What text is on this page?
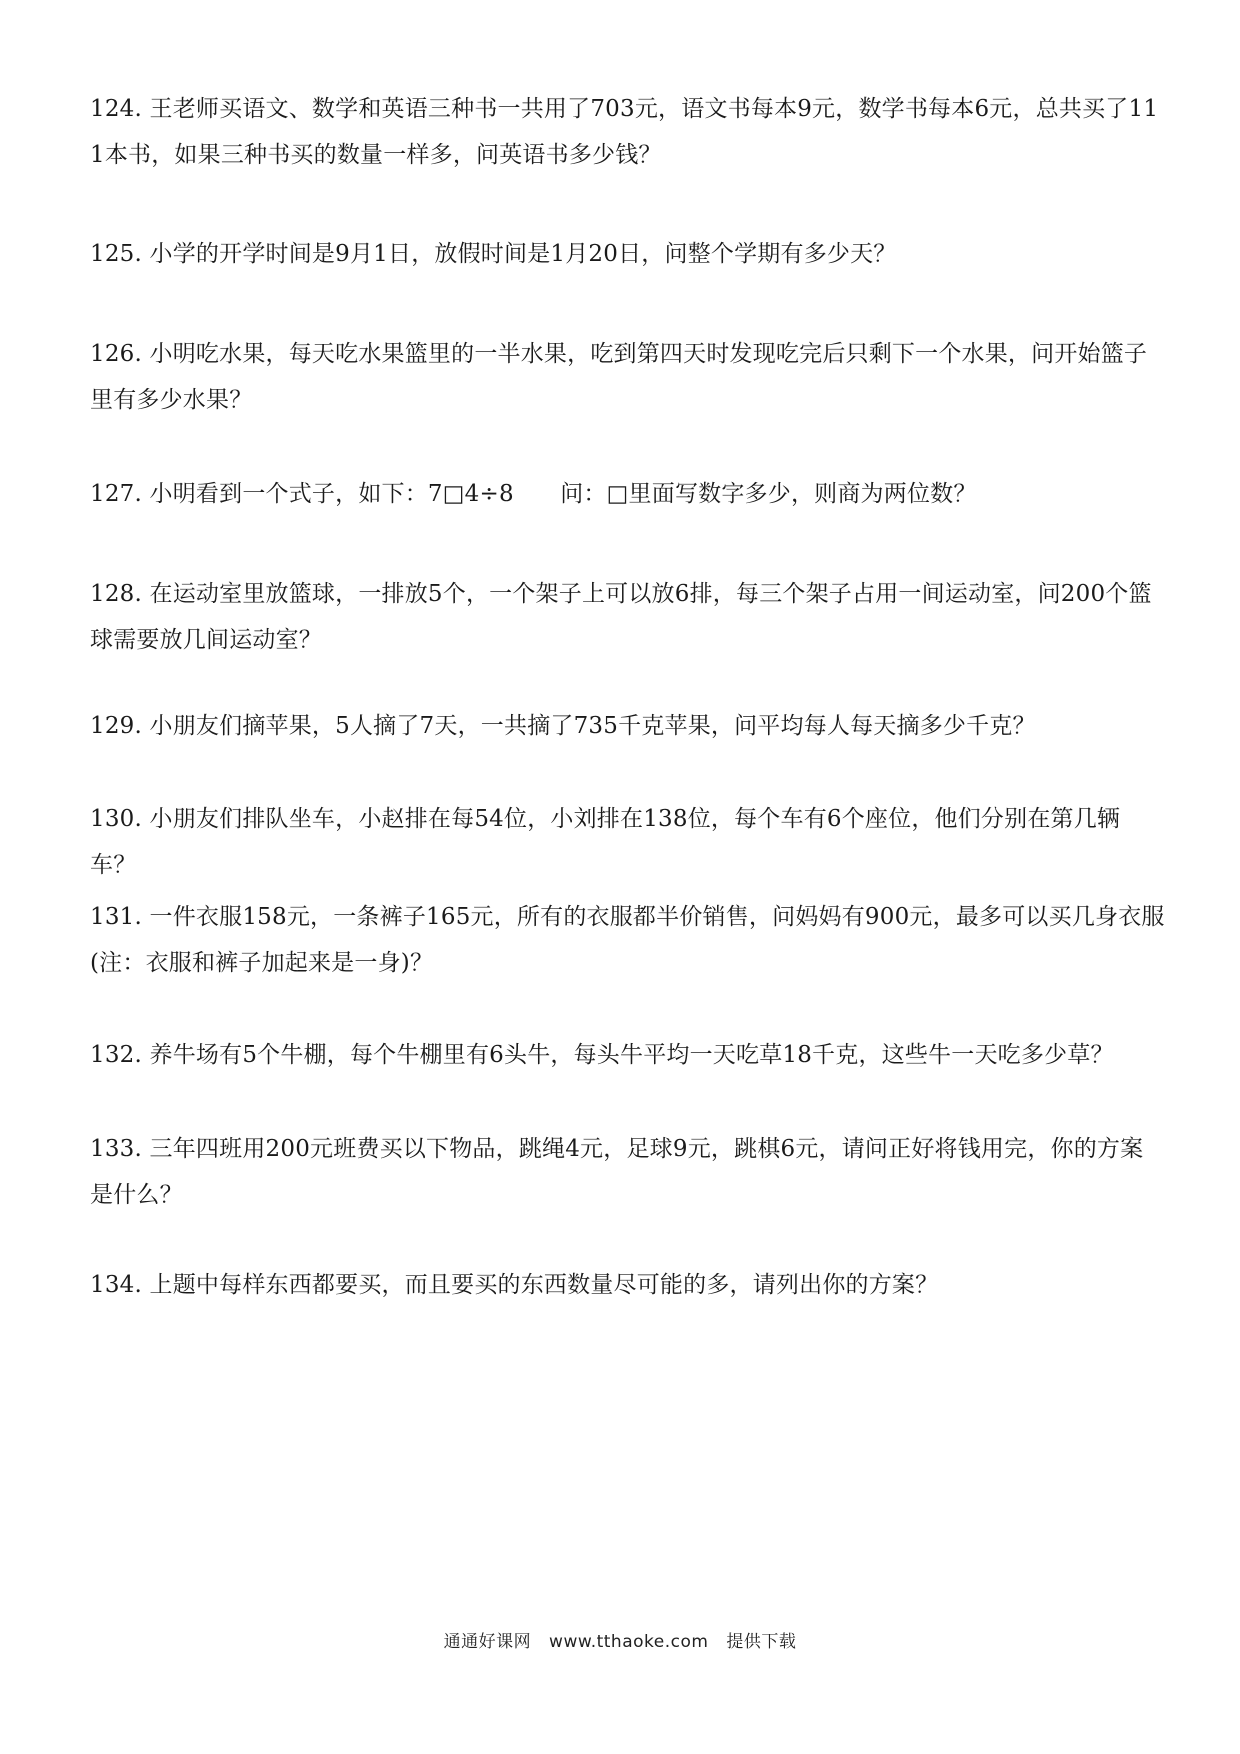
124. 王老师买语文、数学和英语三种书一共用了703元，语文书每本9元，数学书每本6元，总共买了111本书，如果三种书买的数量一样多，问英语书多少钱？
125. 小学的开学时间是9月1日，放假时间是1月20日，问整个学期有多少天？
126. 小明吃水果，每天吃水果篮里的一半水果，吃到第四天时发现吃完后只剩下一个水果，问开始篮子里有多少水果？
127. 小明看到一个式子，如下：7□4÷8　　问：□里面写数字多少，则商为两位数？
128. 在运动室里放篮球，一排放5个，一个架子上可以放6排，每三个架子占用一间运动室，问200个篮球需要放几间运动室？
129. 小朋友们摘苹果，5人摘了7天，一共摘了735千克苹果，问平均每人每天摘多少千克？
130. 小朋友们排队坐车，小赵排在每54位，小刘排在138位，每个车有6个座位，他们分别在第几辆车？
131. 一件衣服158元，一条裤子165元，所有的衣服都半价销售，问妈妈有900元，最多可以买几身衣服(注：衣服和裤子加起来是一身)？
132. 养牛场有5个牛棚，每个牛棚里有6头牛，每头牛平均一天吃草18千克，这些牛一天吃多少草？
133. 三年四班用200元班费买以下物品，跳绳4元，足球9元，跳棋6元，请问正好将钱用完，你的方案是什么？
134. 上题中每样东西都要买，而且要买的东西数量尽可能的多，请列出你的方案？
通通好课网 www.tthaoke.com 提供下载
